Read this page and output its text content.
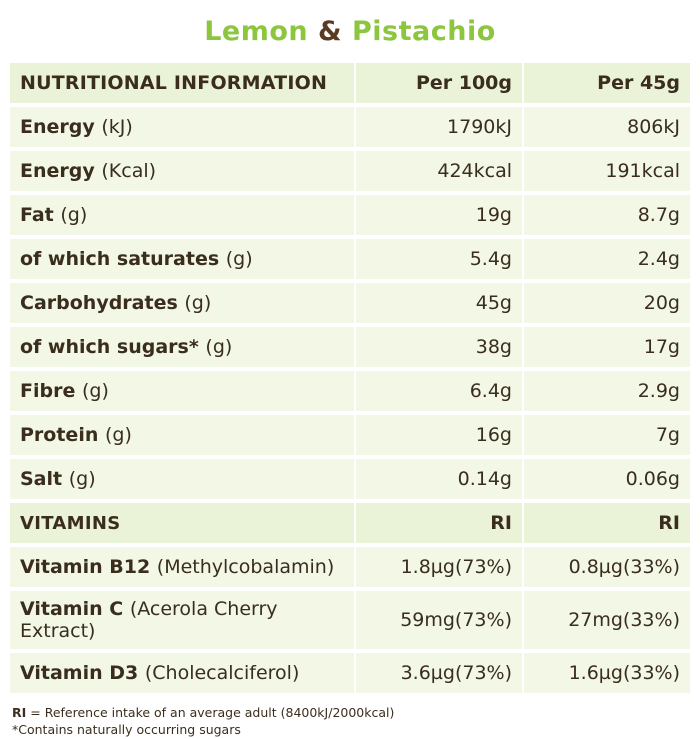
Lemon & Pistachio
NUTRITIONAL INFORMATION	Per 100g	Per 45g
Energy (kJ)	1790kJ	806kJ
Energy (Kcal)	424kcal	191kcal
Fat (g)	19g	8.7g
of which saturates (g)	5.4g	2.4g
Carbohydrates (g)	45g	20g
of which sugars* (g)	38g	17g
Fibre (g)	6.4g	2.9g
Protein (g)	16g	7g
Salt (g)	0.14g	0.06g
VITAMINS	RI	RI
Vitamin B12 (Methylcobalamin)	1.8µg(73%)	0.8µg(33%)
Vitamin C (Acerola Cherry Extract)	59mg(73%)	27mg(33%)
Vitamin D3 (Cholecalciferol)	3.6µg(73%)	1.6µg(33%)
RI = Reference intake of an average adult (8400kJ/2000kcal)
*Contains naturally occurring sugars
